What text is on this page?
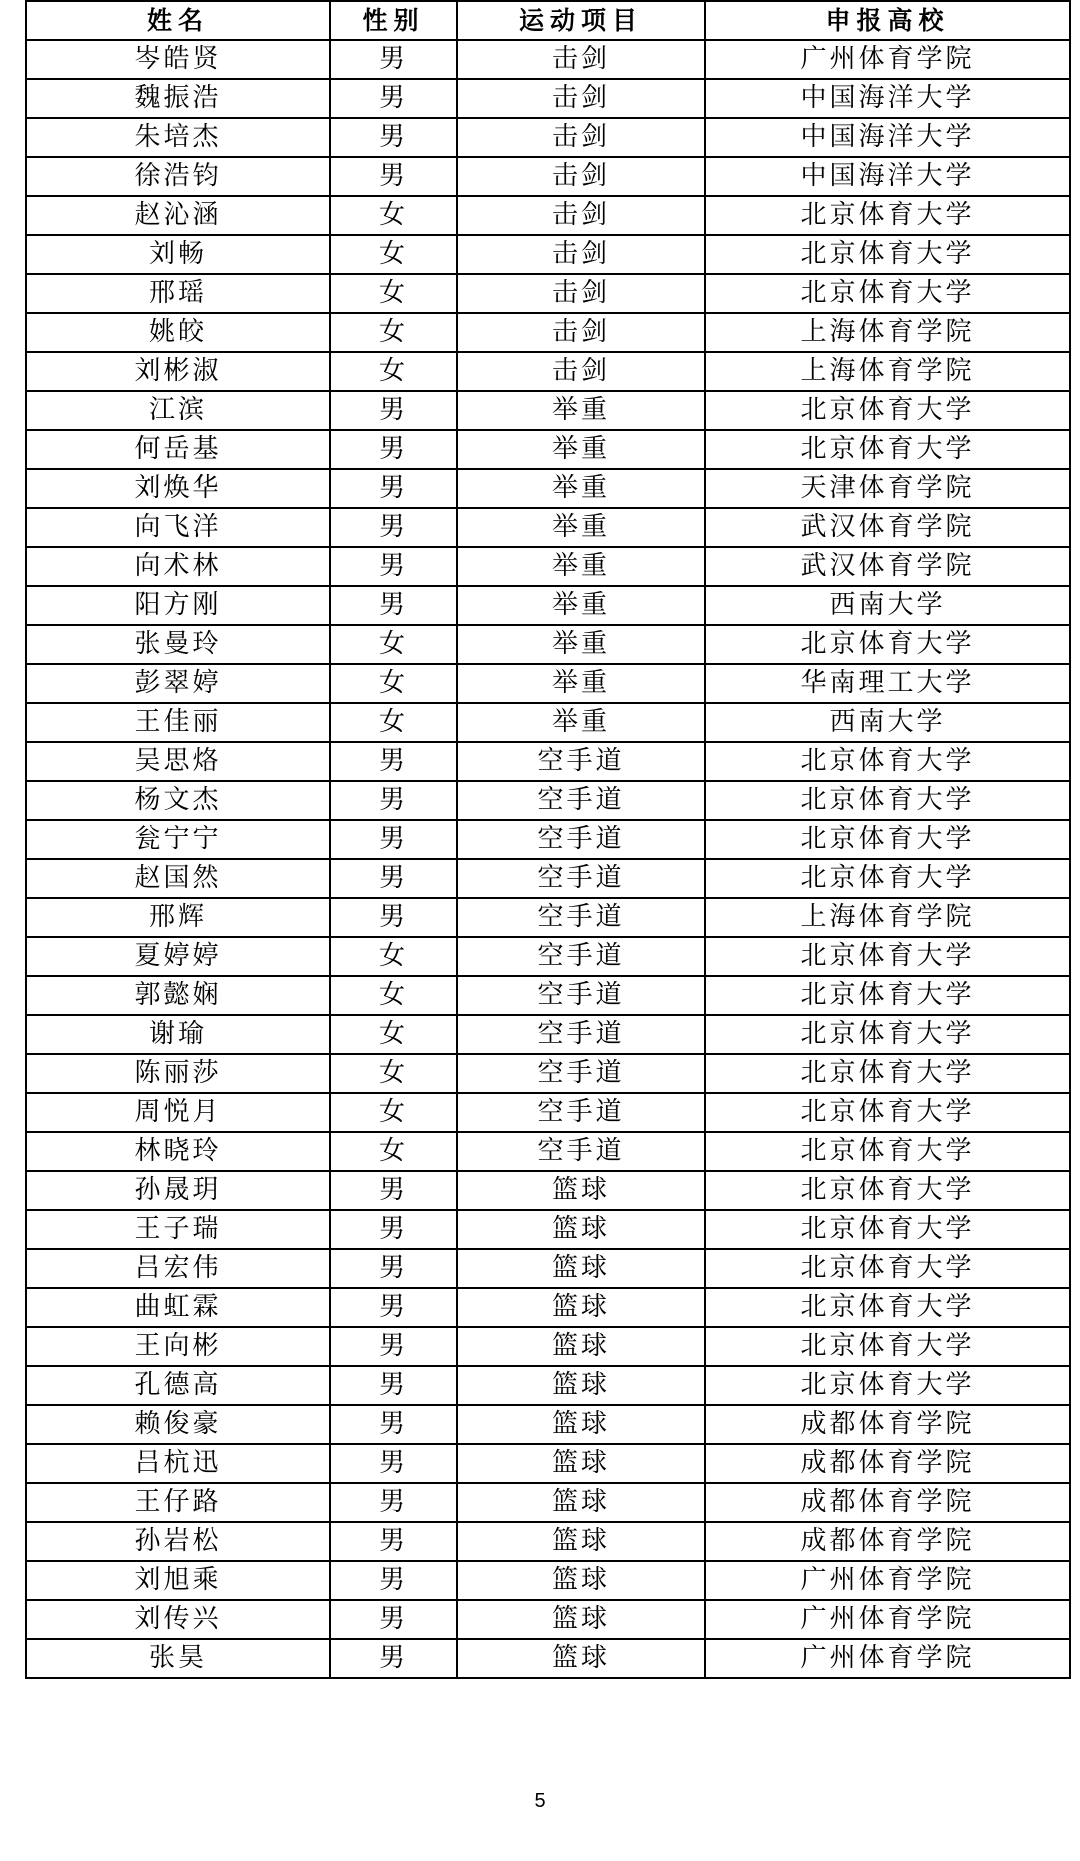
姓名	性别	运动项目	申报高校
岑皓贤	男	击剑	广州体育学院
魏振浩	男	击剑	中国海洋大学
朱培杰	男	击剑	中国海洋大学
徐浩钧	男	击剑	中国海洋大学
赵沁涵	女	击剑	北京体育大学
刘畅	女	击剑	北京体育大学
邢瑶	女	击剑	北京体育大学
姚皎	女	击剑	上海体育学院
刘彬淑	女	击剑	上海体育学院
江滨	男	举重	北京体育大学
何岳基	男	举重	北京体育大学
刘焕华	男	举重	天津体育学院
向飞洋	男	举重	武汉体育学院
向术林	男	举重	武汉体育学院
阳方刚	男	举重	西南大学
张曼玲	女	举重	北京体育大学
彭翠婷	女	举重	华南理工大学
王佳丽	女	举重	西南大学
吴思烙	男	空手道	北京体育大学
杨文杰	男	空手道	北京体育大学
瓮宁宁	男	空手道	北京体育大学
赵国然	男	空手道	北京体育大学
邢辉	男	空手道	上海体育学院
夏婷婷	女	空手道	北京体育大学
郭懿娴	女	空手道	北京体育大学
谢瑜	女	空手道	北京体育大学
陈丽莎	女	空手道	北京体育大学
周悦月	女	空手道	北京体育大学
林晓玲	女	空手道	北京体育大学
孙晟玥	男	篮球	北京体育大学
王子瑞	男	篮球	北京体育大学
吕宏伟	男	篮球	北京体育大学
曲虹霖	男	篮球	北京体育大学
王向彬	男	篮球	北京体育大学
孔德高	男	篮球	北京体育大学
赖俊豪	男	篮球	成都体育学院
吕杭迅	男	篮球	成都体育学院
王仔路	男	篮球	成都体育学院
孙岩松	男	篮球	成都体育学院
刘旭乘	男	篮球	广州体育学院
刘传兴	男	篮球	广州体育学院
张昊	男	篮球	广州体育学院
5
